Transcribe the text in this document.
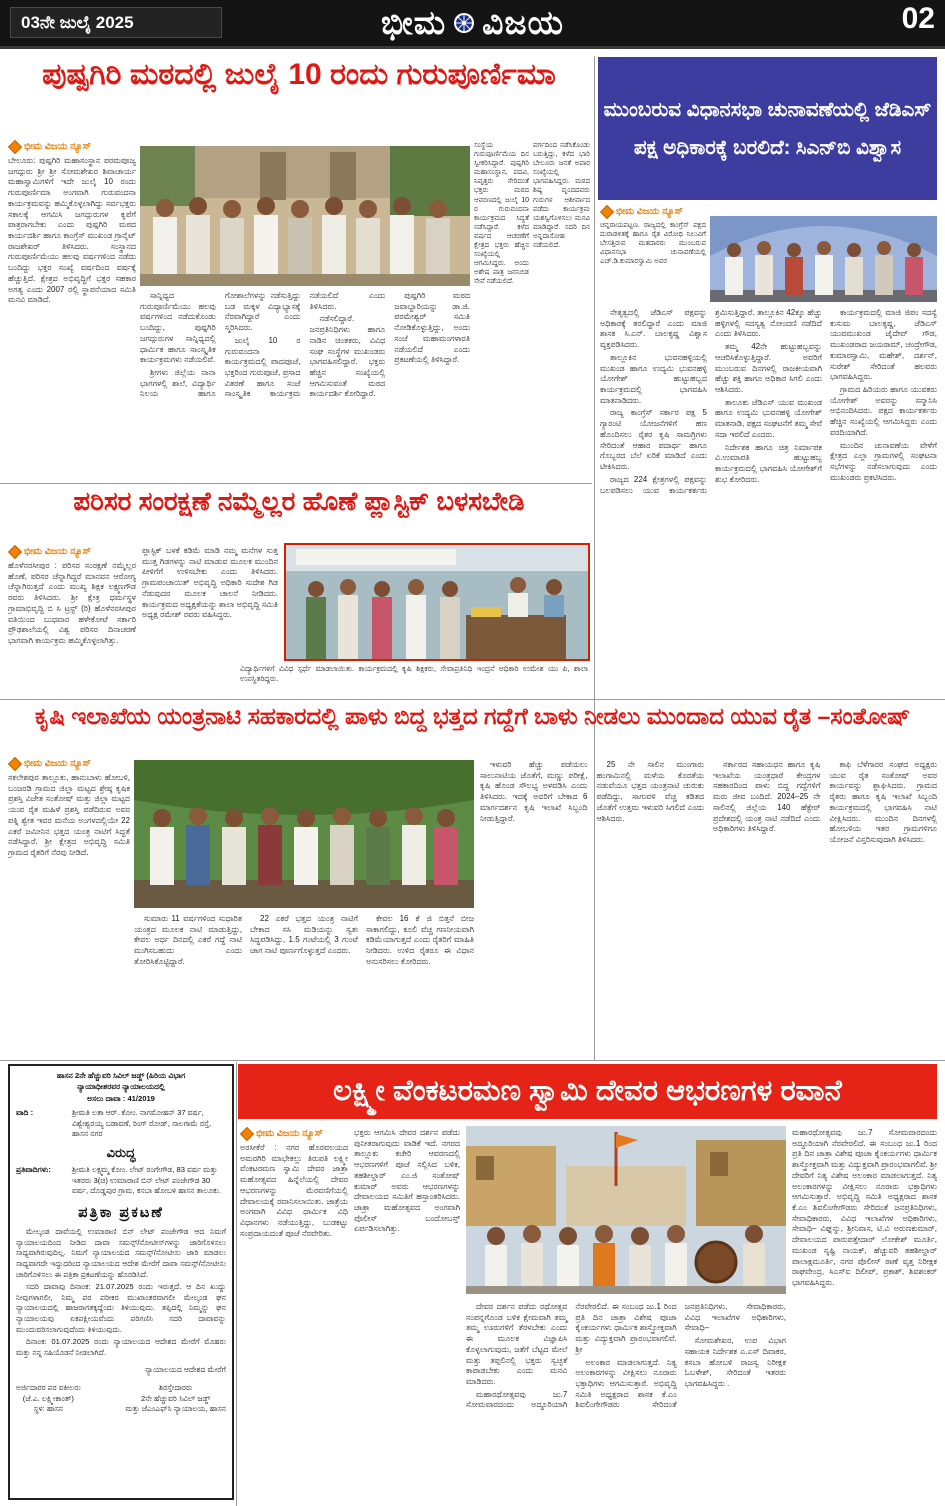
03ನೇ ಜುಲೈ 2025	ಭೀಮ ವಿಜಯ	02
ಪುಷ್ಪಗಿರಿ ಮಠದಲ್ಲಿ ಜುಲೈ 10 ರಂದು ಗುರುಪೂರ್ಣಿಮಾ
ಭೀಮ ವಿಜಯ ನ್ಯೂಸ್
ಬೇಲೂರು: ಪುಷ್ಪಗಿರಿ ಮಹಾಸಂಸ್ಥಾನ ಪರಮಪೂಜ್ಯ ಜಗದ್ಗುರು ಶ್ರೀ ಶ್ರೀ ಸೋಮಶೇಖರ ಶಿವಾಚಾರ್ಯ ಮಹಾಸ್ವಾಮಿಗಳಿಗೆ ಇದೇ ಜುಲೈ 10 ರಂದು ಗುರುಪೂರ್ಣಿಮಾ ಅಂಗವಾಗಿ ಗುರುವಂದನಾ ಕಾರ್ಯಕ್ರಮವನ್ನು ಹಮ್ಮಿಕೊಳ್ಳಲಾಗಿದ್ದು ಸರ್ವಭಕ್ತರು ಸಕಾಲಕ್ಕೆ ಆಗಮಿಸಿ ಜಗದ್ಗುರುಗಳ ಕೃಪೆಗೆ ಪಾತ್ರರಾಗಬೇಕು ಎಂದು ಪುಷ್ಪಗಿರಿ ಮಠದ ಕಾರ್ಯದರ್ಶಿ ಹಾಗೂ ಕಾಂಗ್ರೆಸ್ ಮುಖಂಡ ಗ್ರಾನೈಟ್ ರಾಜಶೇಖರ್ ತಿಳಿಸಿದರು. ಸಂಸ್ಥಾನದ ಗುರುಪೂರ್ಣಿಮೆಯು ಹಲವು ವರ್ಷಗಳಿಂದ ನಡೆದು ಬಂದಿದ್ದು ಭಕ್ತರ ಸಂಖ್ಯೆ ವರ್ಷದಿಂದ ವರ್ಷಕ್ಕೆ ಹೆಚ್ಚುತ್ತಿದೆ. ಕ್ಷೇತ್ರದ ಅಭಿವೃದ್ಧಿಗೆ ಭಕ್ತರ ಸಹಕಾರ ಅಗತ್ಯ ಎಂದು 2007 ರಲ್ಲಿ ಸ್ಥಾಪನೆಯಾದ ಸಮಿತಿ ಮನವಿ ಮಾಡಿದೆ.
ಸಂಸ್ಥೆಯ ಗುರುಪೂರ್ಣಿಮೆಯ ದಿನ ಸ್ವೀಕರಿಸಿದ್ದಾರೆ. ಪುಷ್ಪಗಿರಿ ಮಹಾಸಂಸ್ಥಾನ, ಪದವಿ, ನಿವೃತ್ತರು ಸೇರಿದಂತೆ ಭಕ್ತರು ಮಠದ ಆವರಣದಲ್ಲಿ ಜುಲೈ 10 ರ ಗುರುವಂದನಾ ಕಾರ್ಯಕ್ರಮದ ಸಿದ್ಧತೆ ನಡೆಸಿದ್ದಾರೆ. ಕಳೆದ ವರ್ಷದ ಆಚರಣೆಗೆ ಕ್ಷೇತ್ರದ ಭಕ್ತರು ಹೆಚ್ಚಿನ ಸಂಖ್ಯೆಯಲ್ಲಿ ಆಗಮಿಸಿದ್ದರು. ಅಂದು ಅಶೇಷ ಪಾತ್ರ ಜನನಿಬಿಡ ಸೇವೆ ನಡೆಯಲಿದೆ.
ವರ್ಗದಿಂದ ನಡೆಸಿಕೊಂಡು ಬರುತ್ತಿದ್ದು, ಕಳೆದ ಭಾರಿ ಬೇಲೂರು ಜನತೆ ಅಪಾರ ಸಂಖ್ಯೆಯಲ್ಲಿ ಭಾಗವಹಿಸಿದ್ದರು. ಮಠದ ಶಿಷ್ಯ ವೃಂದದವರು ಗುರುಗಳ ಆಶೀರ್ವಾದ ಪಡೆದು ಕಾರ್ಯಕ್ರಮ ಯಶಸ್ವಿಗೊಳಿಸಲು ಮನವಿ ಮಾಡಿದ್ದಾರೆ. ಸದರಿ ದಿನ ಅನ್ನದಾಸೋಹ ನಡೆಯಲಿದೆ.

ಸಾನ್ನಿಧ್ಯದ ಗುರುಪೂರ್ಣಿಮೆಯು ಹಲವು ವರ್ಷಗಳಿಂದ ನಡೆದುಕೊಂಡು ಬಂದಿದ್ದು, ಪುಷ್ಪಗಿರಿ ಜಗದ್ಗುರುಗಳ ಸಾನ್ನಿಧ್ಯದಲ್ಲಿ ಧಾರ್ಮಿಕ ಹಾಗೂ ಸಾಂಸ್ಕೃತಿಕ ಕಾರ್ಯಕ್ರಮಗಳು ನಡೆಯಲಿವೆ.

ಶ್ರೀಗಳು ಜಿಲ್ಲೆಯ ನಾನಾ ಭಾಗಗಳಲ್ಲಿ ಶಾಲೆ, ವಿದ್ಯಾರ್ಥಿ ನಿಲಯ ಹಾಗೂ ಗೋಶಾಲೆಗಳನ್ನು ನಡೆಸುತ್ತಿದ್ದು ಬಡ ಮಕ್ಕಳ ವಿದ್ಯಾಭ್ಯಾಸಕ್ಕೆ ನೆರವಾಗಿದ್ದಾರೆ ಎಂದು ಸ್ಮರಿಸಿದರು.

ಜುಲೈ 10 ರ ಗುರುವಂದನಾ ಕಾರ್ಯಕ್ರಮದಲ್ಲಿ ಪಾದಪೂಜೆ, ಭಕ್ತರಿಂದ ಗುರುಪೂಜೆ, ಪ್ರಸಾದ ವಿತರಣೆ ಹಾಗೂ ಸಂಜೆ ಸಾಂಸ್ಕೃತಿಕ ಕಾರ್ಯಕ್ರಮ ನಡೆಯಲಿದೆ ಎಂದು ತಿಳಿಸಿದರು.

ನಡೆಸಲಿದ್ದಾರೆ. ಜನಪ್ರತಿನಿಧಿಗಳು ಹಾಗೂ ನಾಡಿನ ಚಿಂತಕರು, ವಿವಿಧ ಸಂಘ ಸಂಸ್ಥೆಗಳ ಮುಖಂಡರು ಭಾಗವಹಿಸಲಿದ್ದಾರೆ. ಭಕ್ತರು ಹೆಚ್ಚಿನ ಸಂಖ್ಯೆಯಲ್ಲಿ ಆಗಮಿಸುವಂತೆ ಮಠದ ಕಾರ್ಯದರ್ಶಿ ಕೋರಿದ್ದಾರೆ.

ಪುಷ್ಪಗಿರಿ ಮಠದ ಜವಾಬ್ದಾರಿಯನ್ನು ಡಾ.ಜಿ. ಪರಮೇಶ್ವರ್ ಸಮಿತಿ ನೋಡಿಕೊಳ್ಳುತ್ತಿದ್ದು, ಅಂದು ಸಂಜೆ ಮಹಾಮಂಗಳಾರತಿ ನಡೆಯಲಿದೆ ಎಂದು ಪ್ರಕಟಣೆಯಲ್ಲಿ ತಿಳಿಸಿದ್ದಾರೆ.

ಪರಿಸರ ಸಂರಕ್ಷಣೆ ನಮ್ಮೆಲ್ಲರ ಹೊಣೆ ಪ್ಲಾಸ್ಟಿಕ್ ಬಳಸಬೇಡಿ
ಭೀಮ ವಿಜಯ ನ್ಯೂಸ್
ಹೊಳೆನರಸೀಪುರ : ಪರಿಸರ ಸಂರಕ್ಷಣೆ ನಮ್ಮೆಲ್ಲರ ಹೊಣೆ, ಪರಿಸರ ಚೆನ್ನಾಗಿದ್ದರೆ ಮಾನವನ ಆರೋಗ್ಯ ಚೆನ್ನಾಗಿರುತ್ತದೆ ಎಂದು ಮುಖ್ಯ ಶಿಕ್ಷಕ ಲಕ್ಷ್ಮಣಗೌಡ ರವರು ತಿಳಿಸಿದರು. ಶ್ರೀ ಕ್ಷೇತ್ರ ಧರ್ಮಸ್ಥಳ ಗ್ರಾಮಾಭಿವೃದ್ಧಿ ಬಿ ಸಿ ಟ್ರಸ್ಟ್ (ರಿ) ಹೊಳೆನರಸೀಪುರ ವತಿಯಿಂದ ಬುಧವಾರ ಹಳೇಕೋಟೆ ಸರ್ಕಾರಿ ಪ್ರೌಢಶಾಲೆಯಲ್ಲಿ ವಿಶ್ವ ಪರಿಸರ ದಿನಾಚರಣೆ ಭಾಗವಾಗಿ ಕಾರ್ಯಕ್ರಮ ಹಮ್ಮಿಕೊಳ್ಳಲಾಗಿತ್ತು.
ಪ್ಲಾಸ್ಟಿಕ್ ಬಳಕೆ ಕಡಿಮೆ ಮಾಡಿ ನಮ್ಮ ಮನೆಗಳ ಸುತ್ತ ಮುತ್ತ ಗಿಡಗಳನ್ನು ನಾಟಿ ಮಾಡುವ ಮೂಲಕ ಮುಂದಿನ ಪೀಳಿಗೆಗೆ ಉಳಿಸಬೇಕು ಎಂದು ತಿಳಿಸಿದರು. ಗ್ರಾಮಪಂಚಾಯಿತ್ ಅಭಿವೃದ್ಧಿ ಅಧಿಕಾರಿ ಸುದೇಶ ಗಿಡ ನೆಡುವುದರ ಮೂಲಕ ಚಾಲನೆ ನೀಡಿದರು. ಕಾರ್ಯಕ್ರಮದ ಅಧ್ಯಕ್ಷತೆಯನ್ನು ಶಾಲಾ ಅಭಿವೃದ್ಧಿ ಸಮಿತಿ ಅಧ್ಯಕ್ಷ ರಮೇಶ್ ರವರು ವಹಿಸಿದ್ದರು.
ವಿದ್ಯಾರ್ಥಿಗಳಿಗೆ ವಿವಿಧ ಸ್ಪರ್ಧೆ ಮಾಡಲಾಯಿತು. ಕಾರ್ಯಕ್ರಮದಲ್ಲಿ ಕೃಷಿ ಶಿಕ್ಷಕರು, ಸೇವಾಪ್ರತಿನಿಧಿ ಇಂದ್ರನೆ ಅಧಿಕಾರಿ ಉಮೇಶ ಯು ಪಿ, ಶಾಲಾ ಉಪಸ್ಥಿತರಿದ್ದರು.
ಕೃಷಿ ಇಲಾಖೆಯ ಯಂತ್ರನಾಟಿ ಸಹಕಾರದಲ್ಲಿ ಪಾಳು ಬಿದ್ದ ಭತ್ತದ ಗದ್ದೆಗೆ ಬಾಳು ನೀಡಲು ಮುಂದಾದ ಯುವ ರೈತ –ಸಂತೋಷ್
ಭೀಮ ವಿಜಯ ನ್ಯೂಸ್
ಸಕಲೇಶಪುರ ತಾಲ್ಲೂಕು, ಹಾನುಬಾಳು ಹೋಬಳಿ, ಬಂಜರಡಿ ಗ್ರಾಮದ ಜಿಲ್ಲಾ ಮಟ್ಟದ ಶ್ರೇಷ್ಠ ಕೃಷಿಕ ಪ್ರಶಸ್ತಿ ವಿಜೇತ ಸಂತೋಷ್ ಮತ್ತು ಜಿಲ್ಲಾ ಮಟ್ಟದ ಯುವ ರೈತ ಮಹಿಳೆ ಪ್ರಶಸ್ತಿ ಪಡೆದಿರುವ ಅವರ ಪತ್ನಿ ಶ್ವೇತ ಇವರ ಮನೆಯ ಅಂಗಳದಲ್ಲಿಯೇ 22 ಎಕರೆ ಜಮೀನಿನ ಭತ್ತದ ಯಂತ್ರ ನಾಟಿಗೆ ಸಿದ್ಧತೆ ನಡೆಸಿದ್ದಾರೆ. ಶ್ರೀ ಕ್ಷೇತ್ರದ ಅಭಿವೃದ್ಧಿ ಸಮಿತಿ ಗ್ರಾಮದ ರೈತರಿಗೆ ನೆರವು ನೀಡಿದೆ.

ಸುಮಾರು 11 ವರ್ಷಗಳಿಂದ ಸುಧಾರಿತ ಯಂತ್ರದ ಮೂಲಕ ನಾಟಿ ಮಾಡುತ್ತಿದ್ದು, ಕೇವಲ ಅರ್ಧ ದಿನದಲ್ಲಿ ಎಕರೆ ಗದ್ದೆ ನಾಟಿ ಮುಗಿಸಬಹುದು ಎಂದು ತೋರಿಸಿಕೊಟ್ಟಿದ್ದಾರೆ.

22 ಎಕರೆ ಭತ್ತದ ಯಂತ್ರ ನಾಟಿಗೆ ಬೇಕಾದ ಸಸಿ ಮಡಿಯನ್ನು ಸ್ವತಃ ಸಿದ್ಧಪಡಿಸಿದ್ದು, 1.5 ಗಂಟೆಯಲ್ಲಿ 3 ಗುಂಟೆ ಜಾಗ ನಾಟಿ ಪೂರ್ಣಗೊಳ್ಳುತ್ತದೆ ಎಂದರು.

ಕೇವಲ 16 ಕೆ ಜಿ ಬಿತ್ತನೆ ಬೀಜ ಸಾಕಾಗಲಿದ್ದು, ಕೂಲಿ ವೆಚ್ಚ ಗಣನೀಯವಾಗಿ ಕಡಿಮೆಯಾಗುತ್ತದೆ ಎಂದು ರೈತರಿಗೆ ಮಾಹಿತಿ ನೀಡಿದರು. ಉಳಿದ ರೈತರೂ ಈ ವಿಧಾನ ಅನುಸರಿಸಲು ಕೋರಿದರು.

ಇಳುವರಿ ಹೆಚ್ಚು ಪಡೆಯಲು ಸಾಲುನಾಟಿಯ ಜೊತೆಗೆ, ಮಣ್ಣು ಪರೀಕ್ಷೆ, ಕೃಷಿ ಹೊಂಡ ಸೌಲಭ್ಯ ಅಳವಡಿಸಿ ಎಂದು ತಿಳಿಸಿದರು. ಇದಕ್ಕೆ ಅವರಿಗೆ ಬೇಕಾದ 6 ಮಾರ್ಗದರ್ಶನ ಕೃಷಿ ಇಲಾಖೆ ಸಿಬ್ಬಂದಿ ನೀಡುತ್ತಿದ್ದಾರೆ.

25 ನೇ ಸಾಲಿನ ಮುಂಗಾರು ಹಂಗಾಮಿನಲ್ಲಿ ಮಳೆಯ ಕೊರತೆಯ ನಡುವೆಯೂ ಭತ್ತದ ಯಂತ್ರನಾಟಿ ಚುರುಕು ಪಡೆದಿದ್ದು, ಸಾಗುವಳಿ ವೆಚ್ಚ ಕಡಿತದ ಜೊತೆಗೆ ಉತ್ತಮ ಇಳುವರಿ ಸಿಗಲಿದೆ ಎಂದು ಆಶಿಸಿದರು.

ಸರ್ಕಾರದ ಸಹಾಯಧನ ಹಾಗೂ ಕೃಷಿ ಇಲಾಖೆಯ ಯಂತ್ರಧಾರೆ ಕೇಂದ್ರಗಳ ಸಹಕಾರದಿಂದ ಪಾಳು ಬಿದ್ದ ಗದ್ದೆಗಳಿಗೆ ಮರು ಜೀವ ಬಂದಿದೆ. 2024–25 ನೇ ಸಾಲಿನಲ್ಲಿ ಜಿಲ್ಲೆಯ 140 ಹೆಕ್ಟೇರ್ ಪ್ರದೇಶದಲ್ಲಿ ಯಂತ್ರ ನಾಟಿ ನಡೆದಿದೆ ಎಂದು ಅಧಿಕಾರಿಗಳು ತಿಳಿಸಿದ್ದಾರೆ.

ಕಾಫಿ ಬೆಳೆಗಾರರ ಸಂಘದ ಅಧ್ಯಕ್ಷರು ಯುವ ರೈತ ಸಂತೋಷ್ ಅವರ ಕಾರ್ಯವನ್ನು ಶ್ಲಾಘಿಸಿದರು. ಗ್ರಾಮದ ರೈತರು ಹಾಗೂ ಕೃಷಿ ಇಲಾಖೆ ಸಿಬ್ಬಂದಿ ಕಾರ್ಯಕ್ರಮದಲ್ಲಿ ಭಾಗವಹಿಸಿ ನಾಟಿ ವೀಕ್ಷಿಸಿದರು. ಮುಂದಿನ ದಿನಗಳಲ್ಲಿ ಹೋಬಳಿಯ ಇತರ ಗ್ರಾಮಗಳಿಗೂ ಯೋಜನೆ ವಿಸ್ತರಿಸುವುದಾಗಿ ತಿಳಿಸಿದರು.

ಮುಂಬರುವ ವಿಧಾನಸಭಾ ಚುನಾವಣೆಯಲ್ಲಿ ಜೆಡಿಎಸ್
ಪಕ್ಷ ಅಧಿಕಾರಕ್ಕೆ ಬರಲಿದೆ: ಸಿಎನ್‌ಬಿ ವಿಶ್ವಾಸ
ಭೀಮ ವಿಜಯ ನ್ಯೂಸ್
ಚನ್ನರಾಯಪಟ್ಟಣ. ರಾಜ್ಯದಲ್ಲಿ ಕಾಂಗ್ರೆಸ್ ಪಕ್ಷದ ದುರಾಡಳಿತಕ್ಕೆ ಹಾಗೂ ರೈತ ವಿರೋಧಿ ನಿಲುವಿಗೆ ಬೇಸತ್ತಿರುವ ಮತದಾರರು ಮುಂಬರುವ ವಿಧಾನಸಭಾ ಚುನಾವಣೆಯಲ್ಲಿ ಎಚ್.ಡಿ.ಕುಮಾರಸ್ವಾಮಿ ಅವರ

ನೇತೃತ್ವದಲ್ಲಿ ಜೆಡಿಎಸ್ ಪಕ್ಷವನ್ನು ಅಧಿಕಾರಕ್ಕೆ ತರಲಿದ್ದಾರೆ ಎಂದು ಮಾಜಿ ಶಾಸಕ ಸಿ.ಎನ್. ಬಾಲಕೃಷ್ಣ ವಿಶ್ವಾಸ ವ್ಯಕ್ತಪಡಿಸಿದರು.

ತಾಲ್ಲೂಕಿನ ಭುವನಹಳ್ಳಿಯಲ್ಲಿ ಮುಖಂಡ ಹಾಗೂ ಉದ್ಯಮಿ ಭುವನಹಳ್ಳಿ ಯೋಗೇಶ್ ಹುಟ್ಟುಹಬ್ಬದ ಕಾರ್ಯಕ್ರಮದಲ್ಲಿ ಭಾಗವಹಿಸಿ ಮಾತನಾಡಿದರು.

ರಾಜ್ಯ ಕಾಂಗ್ರೆಸ್ ಸರ್ಕಾರ ಪಕ್ಷ 5 ಗ್ಯಾರಂಟಿ ಯೋಜನೆಗಳಿಗೆ ಹಣ ಹೊಂದಿಸಲು ರೈತರ ಕೃಷಿ ಸಾಮಗ್ರಿಗಳು ಸೇರಿದಂತೆ ಆಹಾರ ಪದಾರ್ಥ ಹಾಗೂ ಗೊಬ್ಬರದ ಬೆಲೆ ಏರಿಕೆ ಮಾಡಿದೆ ಎಂದು ಟೀಕಿಸಿದರು.

ರಾಜ್ಯದ 224 ಕ್ಷೇತ್ರಗಳಲ್ಲಿ ಪಕ್ಷವನ್ನು ಬಲಪಡಿಸಲು ಯುವ ಕಾರ್ಯಕರ್ತರು ಶ್ರಮಿಸುತ್ತಿದ್ದಾರೆ. ತಾಲ್ಲೂಕಿನ 42ಕ್ಕೂ ಹೆಚ್ಚು ಹಳ್ಳಿಗಳಲ್ಲಿ ಸದಸ್ಯತ್ವ ನೋಂದಣಿ ನಡೆದಿದೆ ಎಂದು ತಿಳಿಸಿದರು.

ತಮ್ಮ 42ನೇ ಹುಟ್ಟುಹಬ್ಬವನ್ನು ಆಚರಿಸಿಕೊಳ್ಳುತ್ತಿದ್ದಾರೆ. ಅವರಿಗೆ ಮುಂಬರುವ ದಿನಗಳಲ್ಲಿ ರಾಜಕೀಯವಾಗಿ ಹೆಚ್ಚು ಶಕ್ತಿ ಹಾಗೂ ಅಧಿಕಾರ ಸಿಗಲಿ ಎಂದು ಆಶಿಸಿದರು.

ತಾಲೂಕು ಜೆಡಿಎಸ್ ಯುವ ಮುಖಂಡ ಹಾಗೂ ಉದ್ಯಮಿ ಭುವನಹಳ್ಳಿ ಯೋಗೇಶ್ ಮಾತನಾಡಿ, ಪಕ್ಷದ ಸಂಘಟನೆಗೆ ತಮ್ಮ ಸೇವೆ ಸದಾ ಇರಲಿದೆ ಎಂದರು.

ನಿರ್ದೇಶಕ ಹಾಗೂ ಚಿತ್ರ ನಿರ್ಮಾಪಕ ವಿ.ಉಮಾಪತಿ ಹುಟ್ಟುಹಬ್ಬ ಕಾರ್ಯಕ್ರಮದಲ್ಲಿ ಭಾಗವಹಿಸಿ ಯೋಗೇಶ್‌ಗೆ ಶುಭ ಕೋರಿದರು.

ಕಾರ್ಯಕ್ರಮದಲ್ಲಿ ಮಾಜಿ ಜಿಪಂ ಸದಸ್ಯೆ ಕುಸುಮ ಬಾಲಕೃಷ್ಣ, ಜೆಡಿಎಸ್ ಯುವಮುಖಂಡ ಜೈದೇವ್ ಗೌಡ, ಮುಖಂಡರಾದ ಜಯರಾಮ್, ಚಂದ್ರೇಗೌಡ, ಕುಮಾರಸ್ವಾಮಿ, ಮಹೇಶ್, ದರ್ಶನ್, ಸುರೇಶ್ ಸೇರಿದಂತೆ ಹಲವರು ಭಾಗವಹಿಸಿದ್ದರು.

ಗ್ರಾಮದ ಹಿರಿಯರು ಹಾಗೂ ಯುವಕರು ಯೋಗೇಶ್ ಅವರನ್ನು ಸನ್ಮಾನಿಸಿ ಅಭಿನಂದಿಸಿದರು. ಪಕ್ಷದ ಕಾರ್ಯಕರ್ತರು ಹೆಚ್ಚಿನ ಸಂಖ್ಯೆಯಲ್ಲಿ ಆಗಮಿಸಿದ್ದರು ಎಂದು ವರದಿಯಾಗಿದೆ.

ಮುಂದಿನ ಚುನಾವಣೆಯ ವೇಳೆಗೆ ಕ್ಷೇತ್ರದ ಎಲ್ಲಾ ಗ್ರಾಮಗಳಲ್ಲಿ ಸಂಘಟನಾ ಸಭೆಗಳನ್ನು ನಡೆಸಲಾಗುವುದು ಎಂದು ಮುಖಂಡರು ಪ್ರಕಟಿಸಿದರು.

ಹಾಸನ 2ನೇ ಹೆಚ್ಚುವರಿ ಸಿವಿಲ್ ಜಡ್ಜ್ (ಹಿರಿಯ ವಿಭಾಗ
ನ್ಯಾಯಾಧೀಶರವರ ನ್ಯಾಯಾಲಯದಲ್ಲಿ
ಅಸಲು ದಾವಾ : 41/2019
ವಾದಿ :	ಶ್ರೀಮತಿ ಲತಾ ಆರ್. ಕೋಂ. ನಾಗಮೋಹನ್ 37 ವರ್ಷ, ವಿಶ್ವೇಶ್ವರಯ್ಯ ಬಡಾವಣೆ, ರಿಂಗ್ ರೋಡ್, ಸಾಲಗಾಮೆ ರಸ್ತೆ, ಹಾಸನ ನಗರ
ವಿರುದ್ಧ
ಪ್ರತಿವಾದಿಗಳು:	ಶ್ರೀಮತಿ ಲಕ್ಷ್ಮಮ್ಮ ಕೋಂ. ಲೇಟ್ ರಂಗೇಗೌಡ, 83 ವರ್ಷ ಮತ್ತು ಇತರರು 3(ಚಿ) ಉಮಾರಾಣಿ ಬಿನ್ ಲೇಟ್ ಪಂಜೇಗೌಡ 30 ವರ್ಷ, ದೊಡ್ಡಪುರ ಗ್ರಾಮ, ಕಸಬಾ ಹೋಬಳಿ ಹಾಸನ ತಾಲೂಕು.
ಪತ್ರಿಕಾ ಪ್ರಕಟಣೆ
ಮೇಲ್ಕಂಡ ದಾವೆಯಲ್ಲಿ ಉಮಾರಾಣಿ ಬಿನ್ ಲೇಟ್ ಪಂಜೇಗೌಡ ಆದ ನಿಮಗೆ ನ್ಯಾಯಾಲಯದಿಂದ ನೀಡಿದ ದಾವಾ ಸಮನ್ಸ್/ನೋಟೀಸ್‌ಗಳನ್ನು ಜಾರಿಗೊಳಿಸಲು ಸಾಧ್ಯವಾಗಿರುವುದಿಲ್ಲ. ನಿಮಗೆ ನ್ಯಾಯಾಲಯದ ಸಮನ್ಸ್/ನೋಟೀಸು ಜಾರಿ ಮಾಡಲು ಸಾಧ್ಯವಾಗದೇ ಇದ್ದುದರಿಂದ ನ್ಯಾಯಾಲಯದ ಆದೇಶ ಮೇರೆಗೆ ದಾವಾ ಸಮನ್ಸ್/ನೋಟೀಸು ಜಾರಿಗೊಳಿಸಲು ಈ ಪತ್ರಿಕಾ ಪ್ರಕಟಣೆಯನ್ನು ಹೊರಡಿಸಿದೆ.
ಸದರಿ ದಾವಾವು ದಿನಾಂಕ: 21.07.2025 ರಂದು ಇರುತ್ತದೆ. ಆ ದಿನ ಖುದ್ದು ನೀವುಗಳಾಗಲೀ, ನಿಮ್ಮ ಪರ ಪರೀಕರ ಮುಖಾಂತರವಾಗಲೀ ಮೇಲ್ಕಂಡ ಘನ ನ್ಯಾಯಾಲಯದಲ್ಲಿ ಹಾಜರಾಗತಕ್ಕದ್ದೆಂದು ತಿಳಿಯುವುದು. ತಪ್ಪಿದಲ್ಲಿ ನಿಮ್ಮನ್ನು ಘನ ನ್ಯಾಯಾಲಯವು ಏಕಪಕ್ಷೀಯವೆಂದು ಪರಿಗಣಿಸಿ ಸದರಿ ದಾವಾವನ್ನು ಮುಂದುವರಿಸಲಾಗುವುದೆಂದು ತಿಳಿಯುವುದು.
ದಿನಾಂಕ: 01.07.2025 ರಂದು ನ್ಯಾಯಾಲಯದ ಆದೇಶದ ಮೇರೆಗೆ ಮೊಹರು ಮತ್ತು ನನ್ನ ಸಹಿಯೊಡನೆ ನೀಡಲಾಗಿದೆ.
ನ್ಯಾಯಾಲಯದ ಆದೇಶದ ಮೇರೆಗೆ
ಅರ್ಜಿದಾರರ ಪರ ವಕೀಲರು
(ಜೆ.ಎ. ಲಕ್ಷ್ಮೀಕಾಂತ್)
ಸ್ಥಳ: ಹಾಸನ
ಶಿರಸ್ತೇದಾರರು
2ನೇ ಹೆಚ್ಚುವರಿ ಸಿವಿಲ್ ಜಡ್ಜ್
ಮತ್ತು ಜೆಎಂಎಫ್‌ಸಿ ನ್ಯಾಯಾಲಯ, ಹಾಸನ
ಲಕ್ಷ್ಮೀ ವೆಂಕಟರಮಣ ಸ್ವಾಮಿ ದೇವರ ಆಭರಣಗಳ ರವಾನೆ
ಭೀಮ ವಿಜಯ ನ್ಯೂಸ್
ಅರಸೀಕೆರೆ : ನಗರ ಹೊರವಲಯದ ಅಮರಗಿರಿ ಮಾಭೇಕಲ್ಲು ತಿರುಪತಿ ಲಕ್ಷ್ಮೀ ವೆಂಕಟರಮಣ ಸ್ವಾಮಿ ದೇವರ ಜಾತ್ರಾ ಮಹೋತ್ಸವದ ಹಿನ್ನೆಲೆಯಲ್ಲಿ ದೇವರ ಆಭರಣಗಳನ್ನು ಮೆರವಣಿಗೆಯಲ್ಲಿ ದೇವಾಲಯಕ್ಕೆ ರವಾನಿಸಲಾಯಿತು. ಜಾತ್ರೆಯ ಅಂಗವಾಗಿ ವಿವಿಧ ಧಾರ್ಮಿಕ ವಿಧಿ ವಿಧಾನಗಳು ನಡೆಯುತ್ತಿದ್ದು, ಬುಡಕಟ್ಟು ಸಂಪ್ರದಾಯದಂತೆ ಪೂಜೆ ನೆರವೇರಿತು.
ಭಕ್ತರು ಆಗಮಿಸಿ ದೇವರ ದರ್ಶನ ಪಡೆದು ಪುನೀತರಾಗುವುದು ವಾಡಿಕೆ ಇದೆ. ನಗರದ ತಾಲ್ಲೂಕು ಕಚೇರಿ ಆವರಣದಲ್ಲಿ ಆಭರಣಗಳಿಗೆ ಪೂಜೆ ಸಲ್ಲಿಸಿದ ಬಳಿಕ, ತಹಶೀಲ್ದಾರ್ ಎಂ.ಜಿ ಸಂತೋಷ್ ಕುಮಾರ್ ಅವರು ಆಭರಣಗಳನ್ನು ದೇವಾಲಯದ ಸಮಿತಿಗೆ ಹಸ್ತಾಂತರಿಸಿದರು. ಜಾತ್ರಾ ಮಹೋತ್ಸವದ ಅಂಗವಾಗಿ ಪೊಲೀಸ್ ಬಂದೋಬಸ್ತ್ ಏರ್ಪಡಿಸಲಾಗಿತ್ತು.
ಮಹಾರಥೋತ್ಸವವು ಜು.7 ಸೋಮವಾರದಂದು ಅದ್ಧೂರಿಯಾಗಿ ನೆರವೇರಲಿದೆ. ಈ ಸಂಬಂಧ ಜು.1 ರಿಂದ ಪ್ರತಿ ದಿನ ಜಾತ್ರಾ ವಿಶೇಷ ಪೂಜಾ ಕೈಂಕರ್ಯಗಳು ಧಾರ್ಮಿಕ ಶಾಸ್ತ್ರೋಕ್ತವಾಗಿ ಮತ್ತು ವಿದ್ಯುಕ್ತವಾಗಿ ಪ್ರಾರಂಭವಾಗಲಿವೆ. ಶ್ರೀ ದೇವರಿಗೆ ನಿತ್ಯ ವಿಶೇಷ ಅಲಂಕಾರ ಮಾಡಲಾಗುತ್ತದೆ. ನಿತ್ಯ ಅಲಂಕಾರಗಳನ್ನು ವೀಕ್ಷಿಸಲು ನೂರಾರು ಭಕ್ತಾಧಿಗಳು ಆಗಮಿಸುತ್ತಾರೆ. ಅಭಿವೃದ್ಧಿ ಸಮಿತಿ ಅಧ್ಯಕ್ಷರಾದ ಶಾಸಕ ಕೆ.ಎಂ ಶಿವಲಿಂಗೇಗೌಡರು ಸೇರಿದಂತೆ ಜನಪ್ರತಿನಿಧಿಗಳು, ಸೇವಾಧಿಕಾರರು, ವಿವಿಧ ಇಲಾಖೆಗಳ ಅಧಿಕಾರಿಗಳು, ಸೇವಾಧಿ– ವಿಘ್ನನ್ನು, ಶ್ರೀನಿವಾಸ, ಟಿ.ವಿ ಅರುಣಕುಮಾರ್, ದೇವಾಲಯದ ಪಾರುಪತ್ತೇದಾರ್ ಲೋಕೇಶ್ ಮೂರ್ತಿ, ಮುಖಂಡ ಸೃಷ್ಟಿ ನಾಯಕ್, ಹೆಚ್ಚುವರಿ ತಹಶೀಲ್ದಾರ್ ಪಾಲಾಕ್ಷಮೂರ್ತಿ, ನಗರ ಪೊಲೀಸ್ ಠಾಣೆ ವೃತ್ತ ನಿರೀಕ್ಷಕ ರಾಘವೇಂದ್ರ, ಸಿಎಸ್‌ಐ ದಿಲೀಪ್, ಪ್ರಕಾಶ್, ಶಿವಶಂಕರ್ ಭಾಗವಹಿಸಿದ್ದರು.

ದೇವರ ದರ್ಶನ ಪಡೆದು ರಥೋತ್ಸವ ಸಂಪನ್ನಗೊಂಡ ಬಳಿಕ ಕ್ಷೇಮವಾಗಿ ತಮ್ಮ ತಮ್ಮ ಊರುಗಳಿಗೆ ತೆರಳಬೇಕು ಎಂದು ಈ ಮೂಲಕ ವಿಜ್ಞಾಪಿಸಿ ಕೊಳ್ಳಲಾಗುವುದು, ಜತೆಗೆ ಬೆಟ್ಟದ ಮೇಲೆ ಮತ್ತು ತಪ್ಪಲಿನಲ್ಲಿ ಭಕ್ತರು ಸ್ವಚ್ಛತೆ ಕಾಪಾಡಬೇಕು ಎಂದು ಮನವಿ ಮಾಡಿದರು.

ಮಹಾರಥೋತ್ಸವವು ಜು.7 ಸೋಮವಾರದಂದು ಅದ್ಧೂರಿಯಾಗಿ ನೆರವೇರಲಿದೆ. ಈ ಸಂಬಂಧ ಜು.1 ರಿಂದ ಪ್ರತಿ ದಿನ ಜಾತ್ರಾ ವಿಶೇಷ ಪೂಜಾ ಕೈಂಕರ್ಯಗಳು ಧಾರ್ಮಿಕ ಶಾಸ್ತ್ರೋಕ್ತವಾಗಿ ಮತ್ತು ವಿದ್ಯುಕ್ತವಾಗಿ ಪ್ರಾರಂಭವಾಗಲಿವೆ. ಶ್ರೀ

ಅಲಂಕಾರ ಮಾಡಲಾಗುತ್ತದೆ. ನಿತ್ಯ ಅಲಂಕಾರಗಳನ್ನು ವೀಕ್ಷಿಸಲು ನೂರಾರು ಭಕ್ತಾಧಿಗಳು ಆಗಮಿಸುತ್ತಾರೆ. ಅಭಿವೃದ್ಧಿ ಸಮಿತಿ ಅಧ್ಯಕ್ಷರಾದ ಶಾಸಕ ಕೆ.ಎಂ ಶಿವಲಿಂಗೇಗೌಡರು ಸೇರಿದಂತೆ ಜನಪ್ರತಿನಿಧಿಗಳು, ಸೇವಾಧಿಕಾರರು, ವಿವಿಧ ಇಲಾಖೆಗಳ ಅಧಿಕಾರಿಗಳು, ಸೇವಾಧಿ–

ಸೋಮಶೇಖರ, ಉಪ ವಿಭಾಗ ಸಹಾಯಕ ನಿರ್ದೇಶಕ ಎ.ಎಸ್ ದಿವಾಕರ, ಕಸಬಾ ಹೋಬಳಿ ರಾಜಸ್ವ ನಿರೀಕ್ಷಕ ಓಬಳೇಶ್, ಸೇರಿದಂತೆ ಇತರರು ಭಾಗವಹಿಸಿದ್ದರು .
